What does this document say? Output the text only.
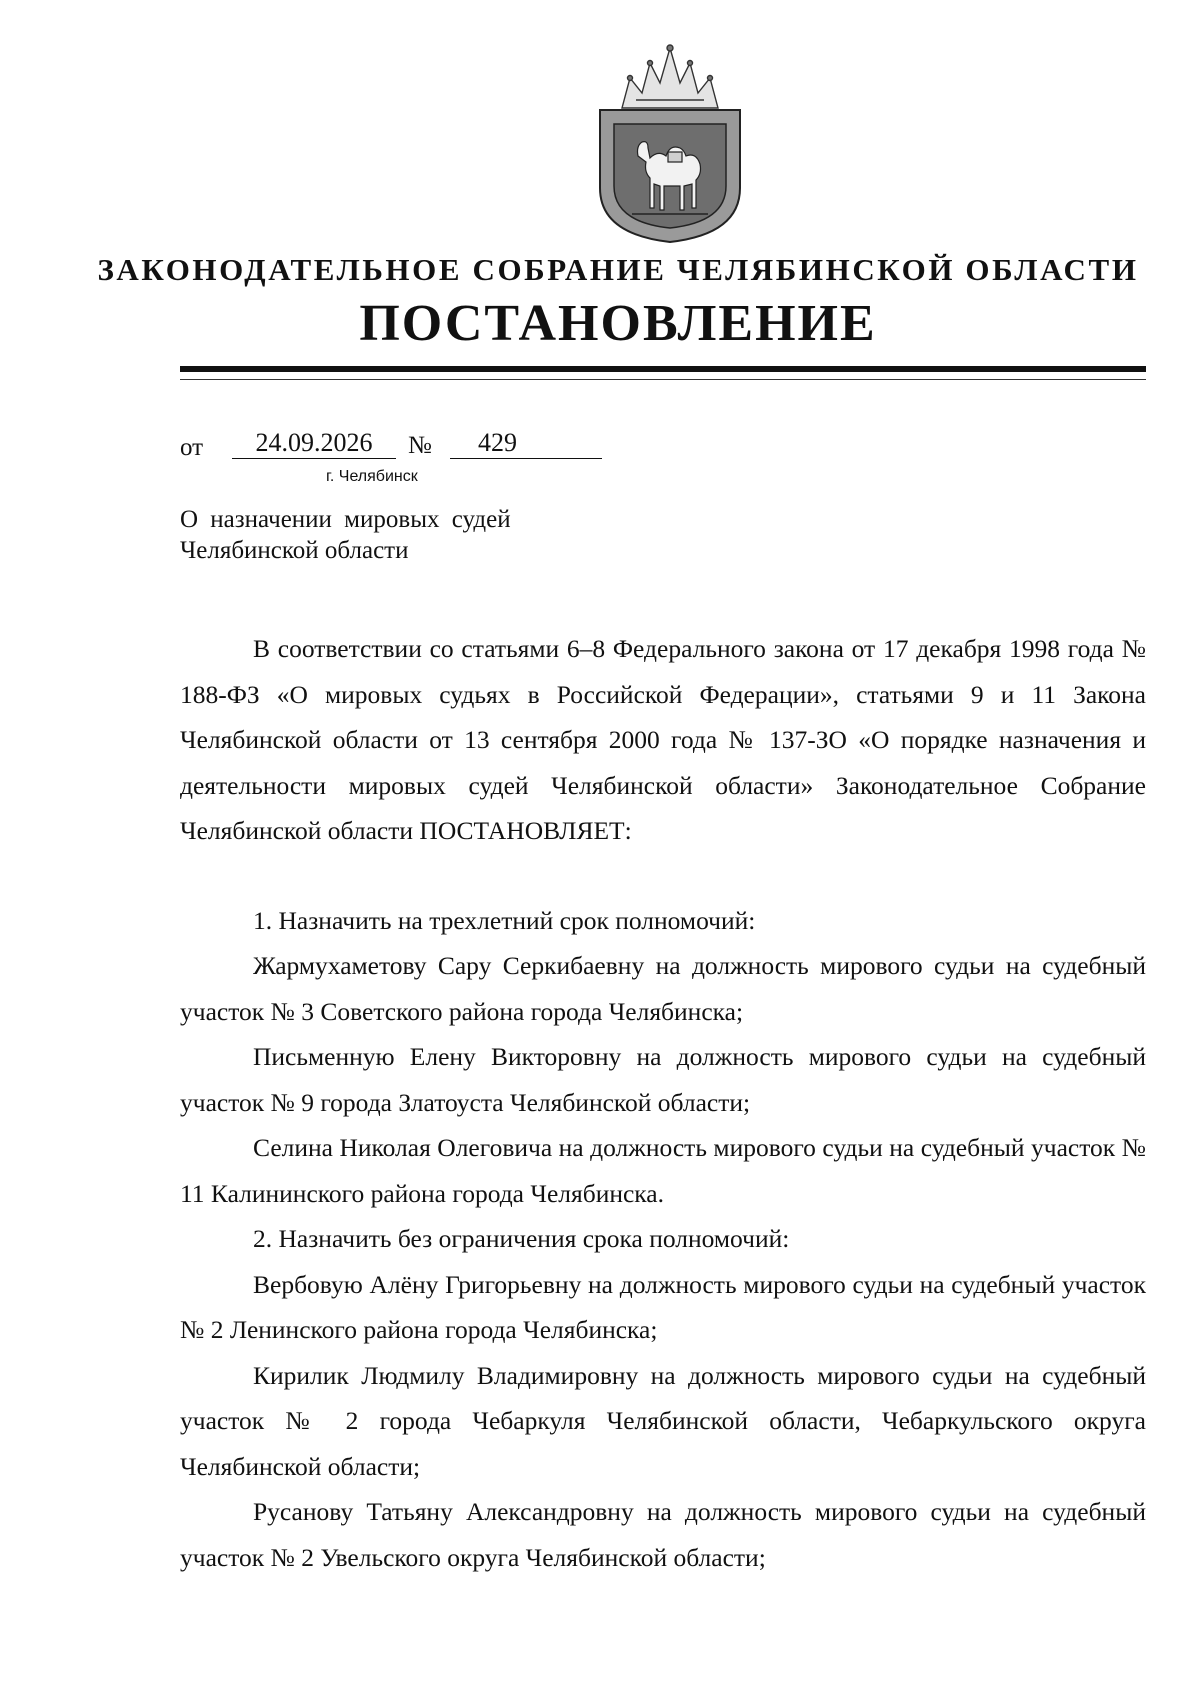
ЗАКОНОДАТЕЛЬНОЕ СОБРАНИЕ ЧЕЛЯБИНСКОЙ ОБЛАСТИ
ПОСТАНОВЛЕНИЕ
от	24.09.2026	№ 429
г. Челябинск
О назначении мировых судей
Челябинской области

В соответствии со статьями 6–8 Федерального закона от 17 декабря 1998 года № 188-ФЗ «О мировых судьях в Российской Федерации», статьями 9 и 11 Закона Челябинской области от 13 сентября 2000 года № 137-ЗО «О порядке назначения и деятельности мировых судей Челябинской области» Законодательное Собрание Челябинской области ПОСТАНОВЛЯЕТ:

1. Назначить на трехлетний срок полномочий:

Жармухаметову Сару Серкибаевну на должность мирового судьи на судебный участок № 3 Советского района города Челябинска;

Письменную Елену Викторовну на должность мирового судьи на судебный участок № 9 города Златоуста Челябинской области;

Селина Николая Олеговича на должность мирового судьи на судебный участок № 11 Калининского района города Челябинска.

2. Назначить без ограничения срока полномочий:

Вербовую Алёну Григорьевну на должность мирового судьи на судебный участок № 2 Ленинского района города Челябинска;

Кирилик Людмилу Владимировну на должность мирового судьи на судебный участок № 2 города Чебаркуля Челябинской области, Чебаркульского округа Челябинской области;

Русанову Татьяну Александровну на должность мирового судьи на судебный участок № 2 Увельского округа Челябинской области;
